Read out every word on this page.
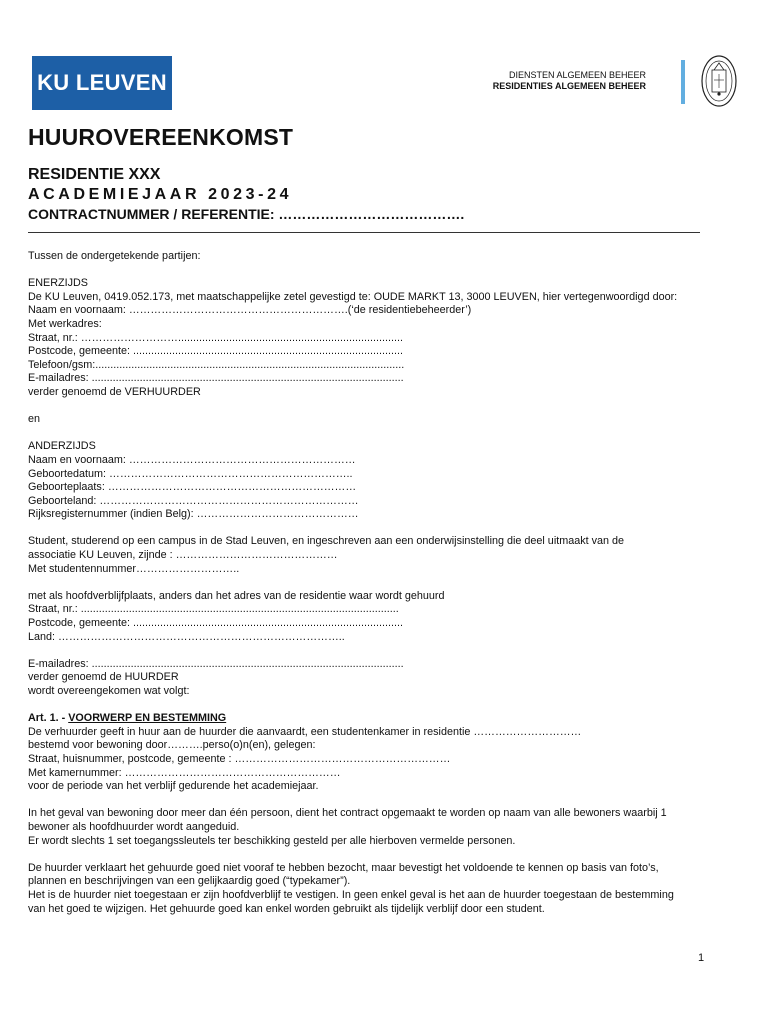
KU LEUVEN	DIENSTEN ALGEMEEN BEHEER
RESIDENTIES ALGEMEEN BEHEER
HUUROVEREENKOMST
RESIDENTIE XXX
ACADEMIEJAAR 2023-24
CONTRACTNUMMER / REFERENTIE: ………………………………….

Tussen de ondergetekende partijen:

ENERZIJDS

De KU Leuven, 0419.052.173, met maatschappelijke zetel gevestigd te: OUDE MARKT 13, 3000 LEUVEN, hier vertegenwoordigd door:

Naam en voornaam: …………………………………………………….(‘de residentiebeheerder’)

Met werkadres:

Straat, nr.: ………………………...........................................................................

Postcode, gemeente: ..........................................................................................

Telefoon/gsm:.......................................................................................................

E-mailadres: ........................................................................................................

verder genoemd de VERHUURDER

en

ANDERZIJDS

Naam en voornaam: ………………………………………………………

Geboortedatum: …………………………………………………………..

Geboorteplaats: ……………………………………………………………

Geboorteland: ………………………………………………………………

Rijksregisternummer (indien Belg): ………………………………………

Student, studerend op een campus in de Stad Leuven, en ingeschreven aan een onderwijsinstelling die deel uitmaakt van de

associatie KU Leuven, zijnde : ………………………………………

Met studentennummer………………………..

met als hoofdverblijfplaats, anders dan het adres van de residentie waar wordt gehuurd

Straat, nr.: ..........................................................................................................

Postcode, gemeente: ..........................................................................................

Land: ……………………………………………………………………..

E-mailadres: ........................................................................................................

verder genoemd de HUURDER

wordt overeengekomen wat volgt:

Art. 1. - VOORWERP EN BESTEMMING

De verhuurder geeft in huur aan de huurder die aanvaardt, een studentenkamer in residentie …………………………

bestemd voor bewoning door……….perso(o)n(en), gelegen:

Straat, huisnummer, postcode, gemeente : ……………………………………………………

Met kamernummer: ……………………………………………………

voor de periode van het verblijf gedurende het academiejaar.

In het geval van bewoning door meer dan één persoon, dient het contract opgemaakt te worden op naam van alle bewoners waarbij 1

bewoner als hoofdhuurder wordt aangeduid.

Er wordt slechts 1 set toegangssleutels ter beschikking gesteld per alle hierboven vermelde personen.

De huurder verklaart het gehuurde goed niet vooraf te hebben bezocht, maar bevestigt het voldoende te kennen op basis van foto’s,

plannen en beschrijvingen van een gelijkaardig goed (“typekamer”).

Het is de huurder niet toegestaan er zijn hoofdverblijf te vestigen. In geen enkel geval is het aan de huurder toegestaan de bestemming

van het goed te wijzigen. Het gehuurde goed kan enkel worden gebruikt als tijdelijk verblijf door een student.

1
